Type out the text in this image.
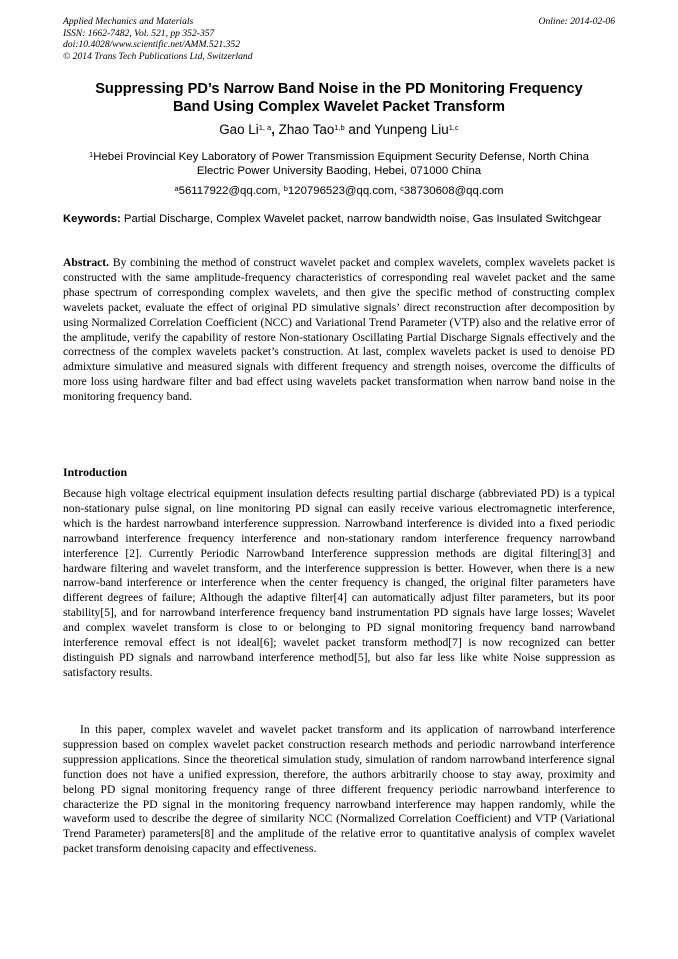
Applied Mechanics and Materials
ISSN: 1662-7482, Vol. 521, pp 352-357
doi:10.4028/www.scientific.net/AMM.521.352
© 2014 Trans Tech Publications Ltd, Switzerland
Online: 2014-02-06
Suppressing PD’s Narrow Band Noise in the PD Monitoring Frequency
Band Using Complex Wavelet Packet Transform
Gao Li$^{1, a}$, Zhao Tao$^{1,b}$ and Yunpeng Liu$^{1,c}$
$^1$Hebei Provincial Key Laboratory of Power Transmission Equipment Security Defense, North China
Electric Power University Baoding, Hebei, 071000 China
$^a$56117922@qq.com, $^b$120796523@qq.com, $^c$38730608@qq.com
Keywords: Partial Discharge, Complex Wavelet packet, narrow bandwidth noise, Gas Insulated Switchgear
Abstract. By combining the method of construct wavelet packet and complex wavelets, complex wavelets packet is constructed with the same amplitude-frequency characteristics of corresponding real wavelet packet and the same phase spectrum of corresponding complex wavelets, and then give the specific method of constructing complex wavelets packet, evaluate the effect of original PD simulative signals’ direct reconstruction after decomposition by using Normalized Correlation Coefficient (NCC) and Variational Trend Parameter (VTP) also and the relative error of the amplitude, verify the capability of restore Non-stationary Oscillating Partial Discharge Signals effectively and the correctness of the complex wavelets packet’s construction. At last, complex wavelets packet is used to denoise PD admixture simulative and measured signals with different frequency and strength noises, overcome the difficults of more loss using hardware filter and bad effect using wavelets packet transformation when narrow band noise in the monitoring frequency band.
Introduction

Because high voltage electrical equipment insulation defects resulting partial discharge (abbreviated PD) is a typical non-stationary pulse signal, on line monitoring PD signal can easily receive various electromagnetic interference, which is the hardest narrowband interference suppression. Narrowband interference is divided into a fixed periodic narrowband interference frequency interference and non-stationary random interference frequency narrowband interference [2]. Currently Periodic Narrowband Interference suppression methods are digital filtering[3] and hardware filtering and wavelet transform, and the interference suppression is better. However, when there is a new narrow-band interference or interference when the center frequency is changed, the original filter parameters have different degrees of failure; Although the adaptive filter[4] can automatically adjust filter parameters, but its poor stability[5], and for narrowband interference frequency band instrumentation PD signals have large losses; Wavelet and complex wavelet transform is close to or belonging to PD signal monitoring frequency band narrowband interference removal effect is not ideal[6]; wavelet packet transform method[7] is now recognized can better distinguish PD signals and narrowband interference method[5], but also far less like white Noise suppression as satisfactory results.

In this paper, complex wavelet and wavelet packet transform and its application of narrowband interference suppression based on complex wavelet packet construction research methods and periodic narrowband interference suppression applications. Since the theoretical simulation study, simulation of random narrowband interference signal function does not have a unified expression, therefore, the authors arbitrarily choose to stay away, proximity and belong PD signal monitoring frequency range of three different frequency periodic narrowband interference to characterize the PD signal in the monitoring frequency narrowband interference may happen randomly, while the waveform used to describe the degree of similarity NCC (Normalized Correlation Coefficient) and VTP (Variational Trend Parameter) parameters[8] and the amplitude of the relative error to quantitative analysis of complex wavelet packet transform denoising capacity and effectiveness.
